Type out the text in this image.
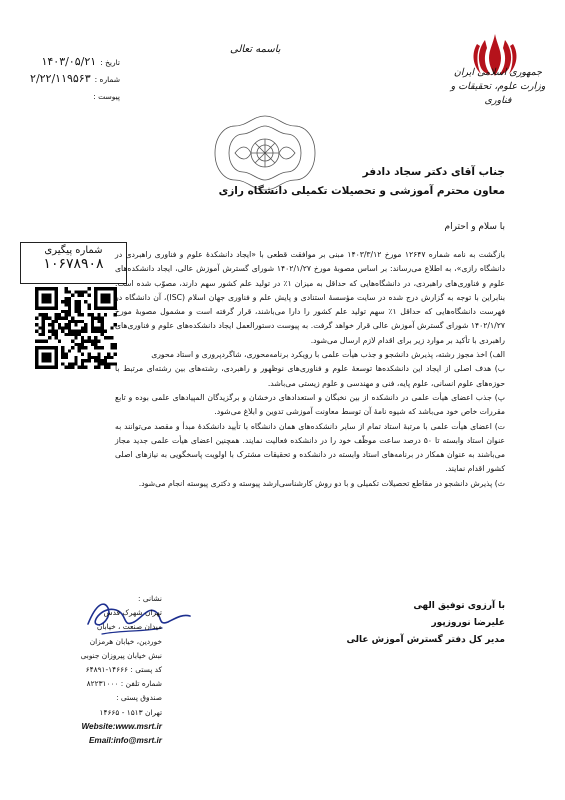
جمهوری اسلامی ایران
وزارت علوم، تحقیقات و فناوری
باسمه تعالی
تاریخ :۱۴۰۳/۰۵/۲۱
شماره :۲/۲۲/۱۱۹۵۶۳
پیوست :
جناب آقای دکتر سجاد دادفر
معاون محترم آموزشی و تحصیلات تکمیلی دانشگاه رازی
با سلام و احترام
شماره پیگیری
۱۰۶۷۸۹۰۸

بازگشت به نامه شماره ۱۲۶۴۷ مورخ ۱۴۰۳/۳/۱۲ مبنی بر موافقت قطعی با «ایجاد دانشکدۀ علوم و فناوری راهبردی در دانشگاه رازی»، به اطلاع می‌رساند: بر اساس مصوبۀ مورخ ۱۴۰۲/۱/۲۷ شورای گسترش آموزش عالی، ایجاد دانشکده‌های علوم و فناوری‌های راهبردی، در دانشگاه‌هایی که حداقل به میزان ۱٪ در تولید علم کشور سهم دارند، مصوّب شده است. بنابراین با توجه به گزارش درج شده در سایت مؤسسۀ استنادی و پایش علم و فناوری جهان اسلام (ISC)، آن دانشگاه در فهرست دانشگاه‌هایی که حداقل ۱٪ سهم تولید علم کشور را دارا می‌باشند، قرار گرفته است و مشمول مصوبۀ مورخ ۱۴۰۲/۱/۲۷ شورای گسترش آموزش عالی قرار خواهد گرفت. به پیوست دستورالعمل ایجاد دانشکده‌های علوم و فناوری‌های راهبردی با تأکید بر موارد زیر برای اقدام لازم ارسال می‌شود.

الف) اخذ مجوز رشته، پذیرش دانشجو و جذب هیأت علمی با رویکرد برنامه‌محوری، شاگردپروری و استاد محوری

ب) هدف اصلی از ایجاد این دانشکده‌ها توسعۀ علوم و فناوری‌های نوظهور و راهبردی، رشته‌های بین رشته‌ای مرتبط با حوزه‌های علوم انسانی، علوم پایه، فنی و مهندسی و علوم زیستی می‌باشد.

پ) جذب اعضای هیأت علمی در دانشکده از بین نخبگان و استعدادهای درخشان و برگزیدگان المپیادهای علمی بوده و تابع مقررات خاص خود می‌باشد که شیوه نامۀ آن توسط معاونت آموزشی تدوین و ابلاغ می‌شود.

ت) اعضای هیأت علمی با مرتبۀ استاد تمام از سایر دانشکده‌های همان دانشگاه با تأیید دانشکدۀ مبدأ و مقصد می‌توانند به عنوان استاد وابسته تا ۵۰ درصد ساعت موظّف خود را در دانشکده فعالیت نمایند. همچنین اعضای هیأت علمی جدید مجاز می‌باشند به عنوان همکار در برنامه‌های استاد وابسته در دانشکده و تحقیقات مشترک با اولویت پاسخگویی به نیازهای اصلی کشور اقدام نمایند.

ث) پذیرش دانشجو در مقاطع تحصیلات تکمیلی و با دو روش کارشناسی‌ارشد پیوسته و دکتری پیوسته انجام می‌شود.

با آرزوی توفیق الهی
علیرضا نوروزپور
مدیر کل دفتر گسترش آموزش عالی
نشانی :
تهران شهرک قدس
میدان صنعت ، خیابان
خوردین، خیابان هرمزان
نبش خیابان پیروزان جنوبی
کد پستی : ۱۴۶۶۶-۶۴۸۹۱
شماره تلفن : ۸۲۲۳۱۰۰۰
صندوق پستی :
تهران ۱۵۱۳ - ۱۴۶۶۵
Website:www.msrt.ir
Email:info@msrt.ir
